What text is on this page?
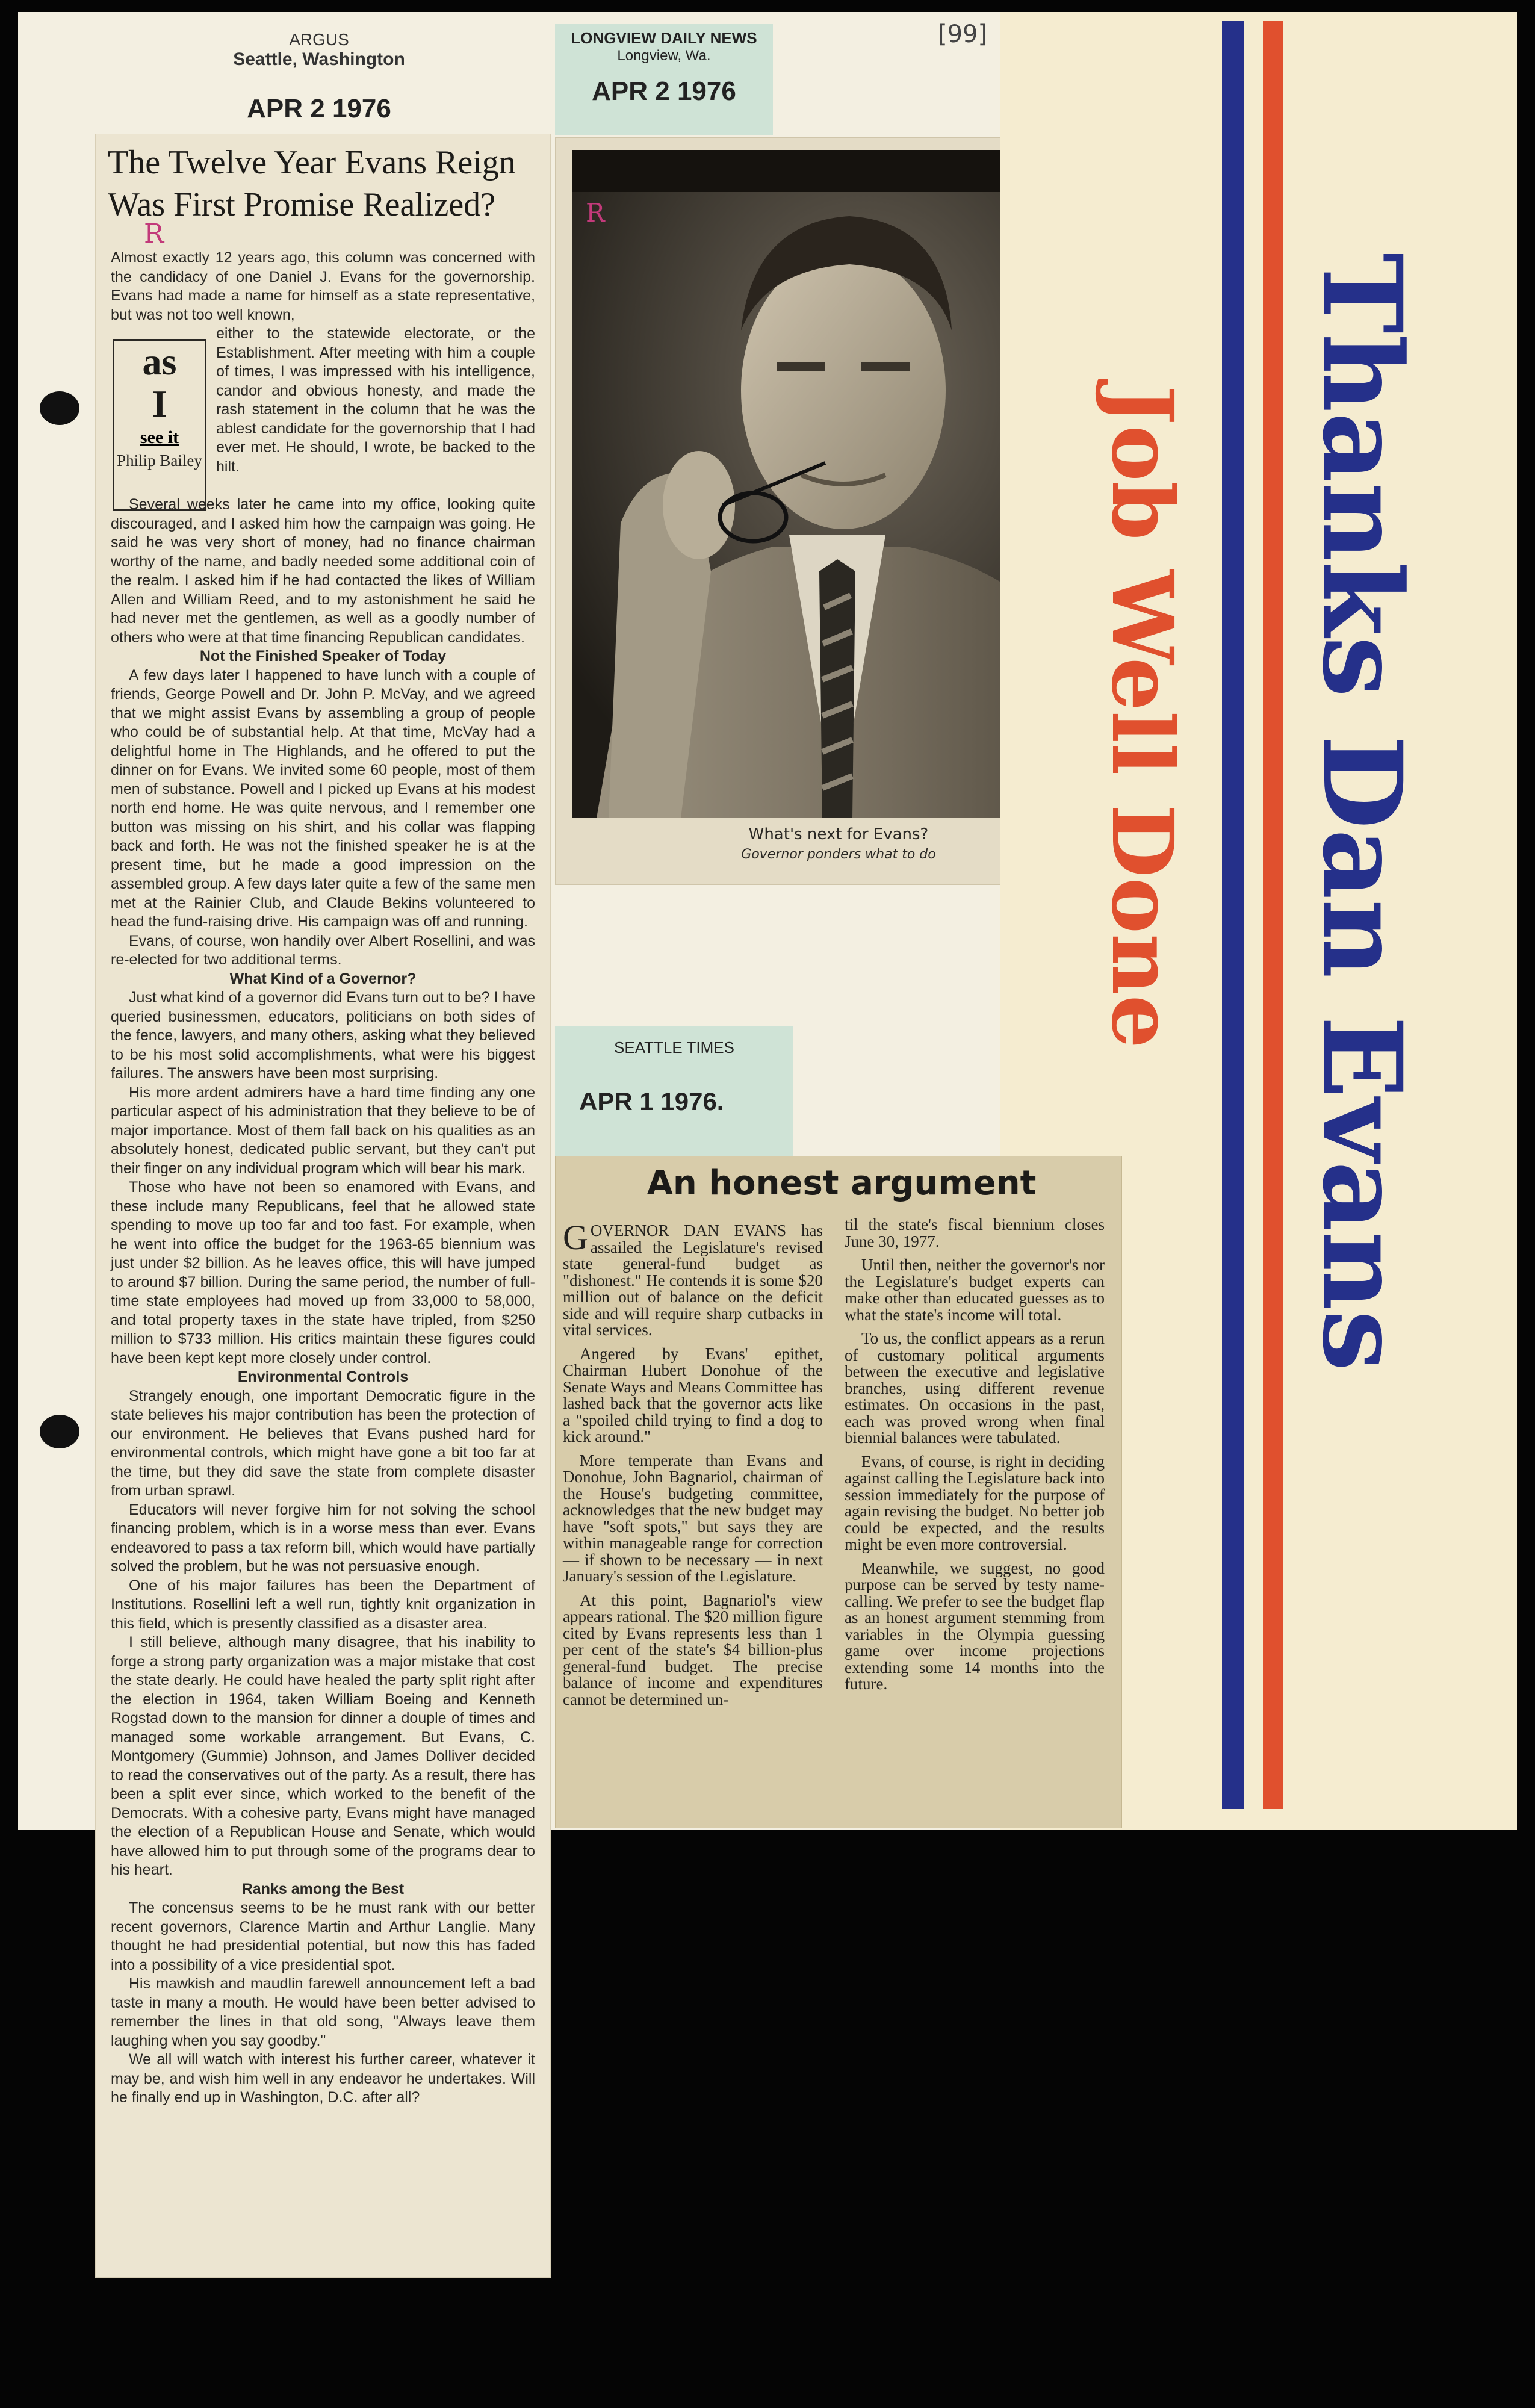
[99]
ARGUS
Seattle, Washington
APR 2 1976
LONGVIEW DAILY NEWS
Longview, Wa.
APR 2 1976
The Twelve Year Evans Reign Was First Promise Realized?

Almost exactly 12 years ago, this column was concerned with the candidacy of one Daniel J. Evans for the governorship. Evans had made a name for himself as a state representative, but was not too well known,

as
I
see it
Philip Bailey

either to the statewide electorate, or the Establishment. After meeting with him a couple of times, I was impressed with his intelligence, candor and obvious honesty, and made the rash statement in the column that he was the ablest candidate for the governorship that I had ever met. He should, I wrote, be backed to the hilt.

Several weeks later he came into my office, looking quite discouraged, and I asked him how the campaign was going. He said he was very short of money, had no finance chairman worthy of the name, and badly needed some additional coin of the realm. I asked him if he had contacted the likes of William Allen and William Reed, and to my astonishment he said he had never met the gentlemen, as well as a goodly number of others who were at that time financing Republican candidates.

Not the Finished Speaker of Today

A few days later I happened to have lunch with a couple of friends, George Powell and Dr. John P. McVay, and we agreed that we might assist Evans by assembling a group of people who could be of substantial help. At that time, McVay had a delightful home in The Highlands, and he offered to put the dinner on for Evans. We invited some 60 people, most of them men of substance. Powell and I picked up Evans at his modest north end home. He was quite nervous, and I remember one button was missing on his shirt, and his collar was flapping back and forth. He was not the finished speaker he is at the present time, but he made a good impression on the assembled group. A few days later quite a few of the same men met at the Rainier Club, and Claude Bekins volunteered to head the fund-raising drive. His campaign was off and running.

Evans, of course, won handily over Albert Rosellini, and was re-elected for two additional terms.

What Kind of a Governor?

Just what kind of a governor did Evans turn out to be? I have queried businessmen, educators, politicians on both sides of the fence, lawyers, and many others, asking what they believed to be his most solid accomplishments, what were his biggest failures. The answers have been most surprising.

His more ardent admirers have a hard time finding any one particular aspect of his administration that they believe to be of major importance. Most of them fall back on his qualities as an absolutely honest, dedicated public servant, but they can't put their finger on any individual program which will bear his mark.

Those who have not been so enamored with Evans, and these include many Republicans, feel that he allowed state spending to move up too far and too fast. For example, when he went into office the budget for the 1963-65 biennium was just under $2 billion. As he leaves office, this will have jumped to around $7 billion. During the same period, the number of full-time state employees had moved up from 33,000 to 58,000, and total property taxes in the state have tripled, from $250 million to $733 million. His critics maintain these figures could have been kept kept more closely under control.

Environmental Controls

Strangely enough, one important Democratic figure in the state believes his major contribution has been the protection of our environment. He believes that Evans pushed hard for environmental controls, which might have gone a bit too far at the time, but they did save the state from complete disaster from urban sprawl.

Educators will never forgive him for not solving the school financing problem, which is in a worse mess than ever. Evans endeavored to pass a tax reform bill, which would have partially solved the problem, but he was not persuasive enough.

One of his major failures has been the Department of Institutions. Rosellini left a well run, tightly knit organization in this field, which is presently classified as a disaster area.

I still believe, although many disagree, that his inability to forge a strong party organization was a major mistake that cost the state dearly. He could have healed the party split right after the election in 1964, taken William Boeing and Kenneth Rogstad down to the mansion for dinner a douple of times and managed some workable arrangement. But Evans, C. Montgomery (Gummie) Johnson, and James Dolliver decided to read the conservatives out of the party. As a result, there has been a split ever since, which worked to the benefit of the Democrats. With a cohesive party, Evans might have managed the election of a Republican House and Senate, which would have allowed him to put through some of the programs dear to his heart.

Ranks among the Best

The concensus seems to be he must rank with our better recent governors, Clarence Martin and Arthur Langlie. Many thought he had presidential potential, but now this has faded into a possibility of a vice presidential spot.

His mawkish and maudlin farewell announcement left a bad taste in many a mouth. He would have been better advised to remember the lines in that old song, "Always leave them laughing when you say goodby."

We all will watch with interest his further career, whatever it may be, and wish him well in any endeavor he undertakes. Will he finally end up in Washington, D.C. after all?

R
What's next for Evans?
Governor ponders what to do
R
SEATTLE TIMES
APR 1 1976.	Thanks Dan Evans
Job Well Done
An honest argument

GOVERNOR DAN EVANS has assailed the Legislature's revised state general-fund budget as "dishonest." He contends it is some $20 million out of balance on the deficit side and will require sharp cutbacks in vital services.

Angered by Evans' epithet, Chairman Hubert Donohue of the Senate Ways and Means Committee has lashed back that the governor acts like a "spoiled child trying to find a dog to kick around."

More temperate than Evans and Donohue, John Bagnariol, chairman of the House's budgeting committee, acknowledges that the new budget may have "soft spots," but says they are within manageable range for correction — if shown to be necessary — in next January's session of the Legislature.

At this point, Bagnariol's view appears rational. The $20 million figure cited by Evans represents less than 1 per cent of the state's $4 billion-plus general-fund budget. The precise balance of income and expenditures cannot be determined un-

til the state's fiscal biennium closes June 30, 1977.

Until then, neither the governor's nor the Legislature's budget experts can make other than educated guesses as to what the state's income will total.

To us, the conflict appears as a rerun of customary political arguments between the executive and legislative branches, using different revenue estimates. On occasions in the past, each was proved wrong when final biennial balances were tabulated.

Evans, of course, is right in deciding against calling the Legislature back into session immediately for the purpose of again revising the budget. No better job could be expected, and the results might be even more controversial.

Meanwhile, we suggest, no good purpose can be served by testy name-calling. We prefer to see the budget flap as an honest argument stemming from variables in the Olympia guessing game over income projections extending some 14 months into the future.
